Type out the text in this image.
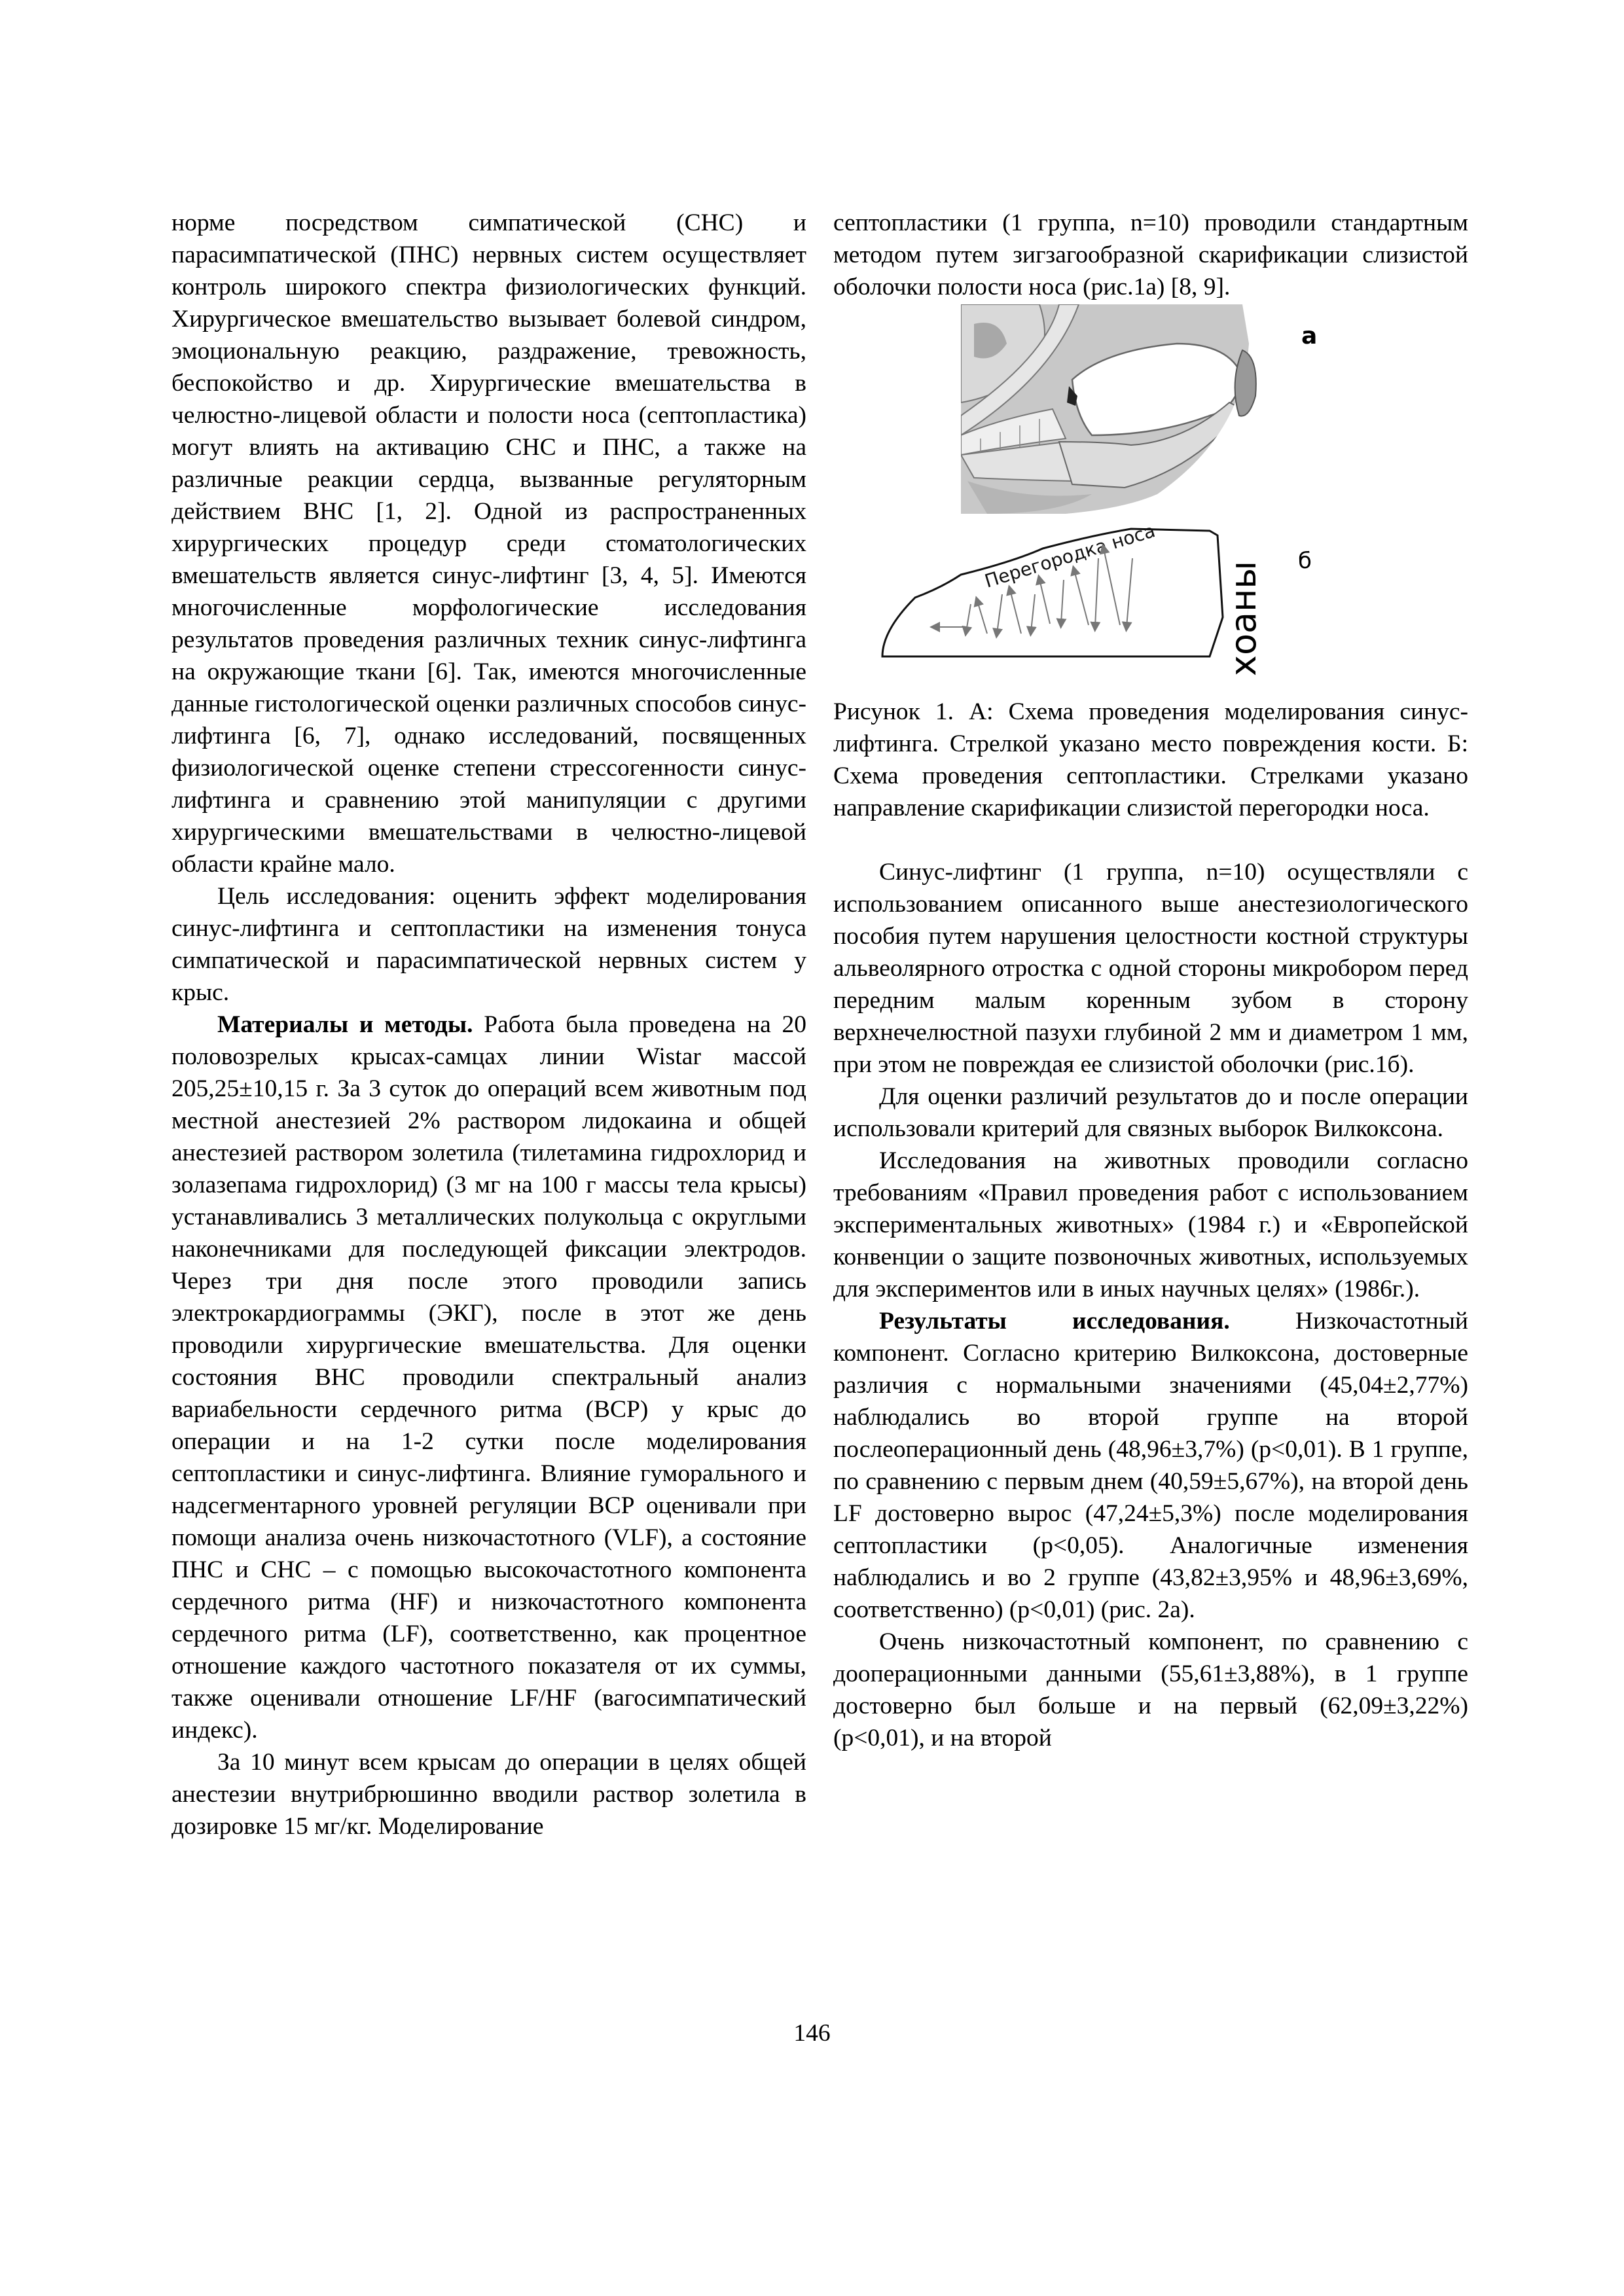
норме посредством симпатической (СНС) и парасимпатической (ПНС) нервных систем осуществляет контроль широкого спектра физиологических функций. Хирургическое вмешательство вызывает болевой синдром, эмоциональную реакцию, раздражение, тревожность, беспокойство и др. Хирургические вмешательства в челюстно-лицевой области и полости носа (септопластика) могут влиять на активацию СНС и ПНС, а также на различные реакции сердца, вызванные регуляторным действием ВНС [1, 2]. Одной из распространенных хирургических процедур среди стоматологических вмешательств является синус-лифтинг [3, 4, 5]. Имеются многочисленные морфологические исследования результатов проведения различных техник синус-лифтинга на окружающие ткани [6]. Так, имеются многочисленные данные гистологической оценки различных способов синус-лифтинга [6, 7], однако исследований, посвященных физиологической оценке степени стрессогенности синус-лифтинга и сравнению этой манипуляции с другими хирургическими вмешательствами в челюстно-лицевой области крайне мало.

Цель исследования: оценить эффект моделирования синус-лифтинга и септопластики на изменения тонуса симпатической и парасимпатической нервных систем у крыс.

Материалы и методы. Работа была проведена на 20 половозрелых крысах-самцах линии Wistar массой 205,25±10,15 г. За 3 суток до операций всем животным под местной анестезией 2% раствором лидокаина и общей анестезией раствором золетила (тилетамина гидрохлорид и золазепама гидрохлорид) (3 мг на 100 г массы тела крысы) устанавливались 3 металлических полукольца с округлыми наконечниками для последующей фиксации электродов. Через три дня после этого проводили запись электрокардиограммы (ЭКГ), после в этот же день проводили хирургические вмешательства. Для оценки состояния ВНС проводили спектральный анализ вариабельности сердечного ритма (ВСР) у крыс до операции и на 1-2 сутки после моделирования септопластики и синус-лифтинга. Влияние гуморального и надсегментарного уровней регуляции ВСР оценивали при помощи анализа очень низкочастотного (VLF), а состояние ПНС и СНС – с помощью высокочастотного компонента сердечного ритма (HF) и низкочастотного компонента сердечного ритма (LF), соответственно, как процентное отношение каждого частотного показателя от их суммы, также оценивали отношение LF/HF (вагосимпатический индекс).

За 10 минут всем крысам до операции в целях общей анестезии внутрибрюшинно вводили раствор золетила в дозировке 15 мг/кг. Моделирование

септопластики (1 группа, n=10) проводили стандартным методом путем зигзагообразной скарификации слизистой оболочки полости носа (рис.1а) [8, 9].

а
Перегородка носа
хоаны б

Рисунок 1. А: Схема проведения моделирования синус-лифтинга. Стрелкой указано место повреждения кости. Б: Схема проведения септопластики. Стрелками указано направление скарификации слизистой перегородки носа.

Синус-лифтинг (1 группа, n=10) осуществляли с использованием описанного выше анестезиологического пособия путем нарушения целостности костной структуры альвеолярного отростка с одной стороны микробором перед передним малым коренным зубом в сторону верхнечелюстной пазухи глубиной 2 мм и диаметром 1 мм, при этом не повреждая ее слизистой оболочки (рис.1б).

Для оценки различий результатов до и после операции использовали критерий для связных выборок Вилкоксона.

Исследования на животных проводили согласно требованиям «Правил проведения работ с использованием экспериментальных животных» (1984 г.) и «Европейской конвенции о защите позвоночных животных, используемых для экспериментов или в иных научных целях» (1986г.).

Результаты исследования. Низкочастотный компонент. Согласно критерию Вилкоксона, достоверные различия с нормальными значениями (45,04±2,77%) наблюдались во второй группе на второй послеоперационный день (48,96±3,7%) (p<0,01). В 1 группе, по сравнению с первым днем (40,59±5,67%), на второй день LF достоверно вырос (47,24±5,3%) после моделирования септопластики (p<0,05). Аналогичные изменения наблюдались и во 2 группе (43,82±3,95% и 48,96±3,69%, соответственно) (p<0,01) (рис. 2а).

Очень низкочастотный компонент, по сравнению с дооперационными данными (55,61±3,88%), в 1 группе достоверно был больше и на первый (62,09±3,22%) (p<0,01), и на второй

146
